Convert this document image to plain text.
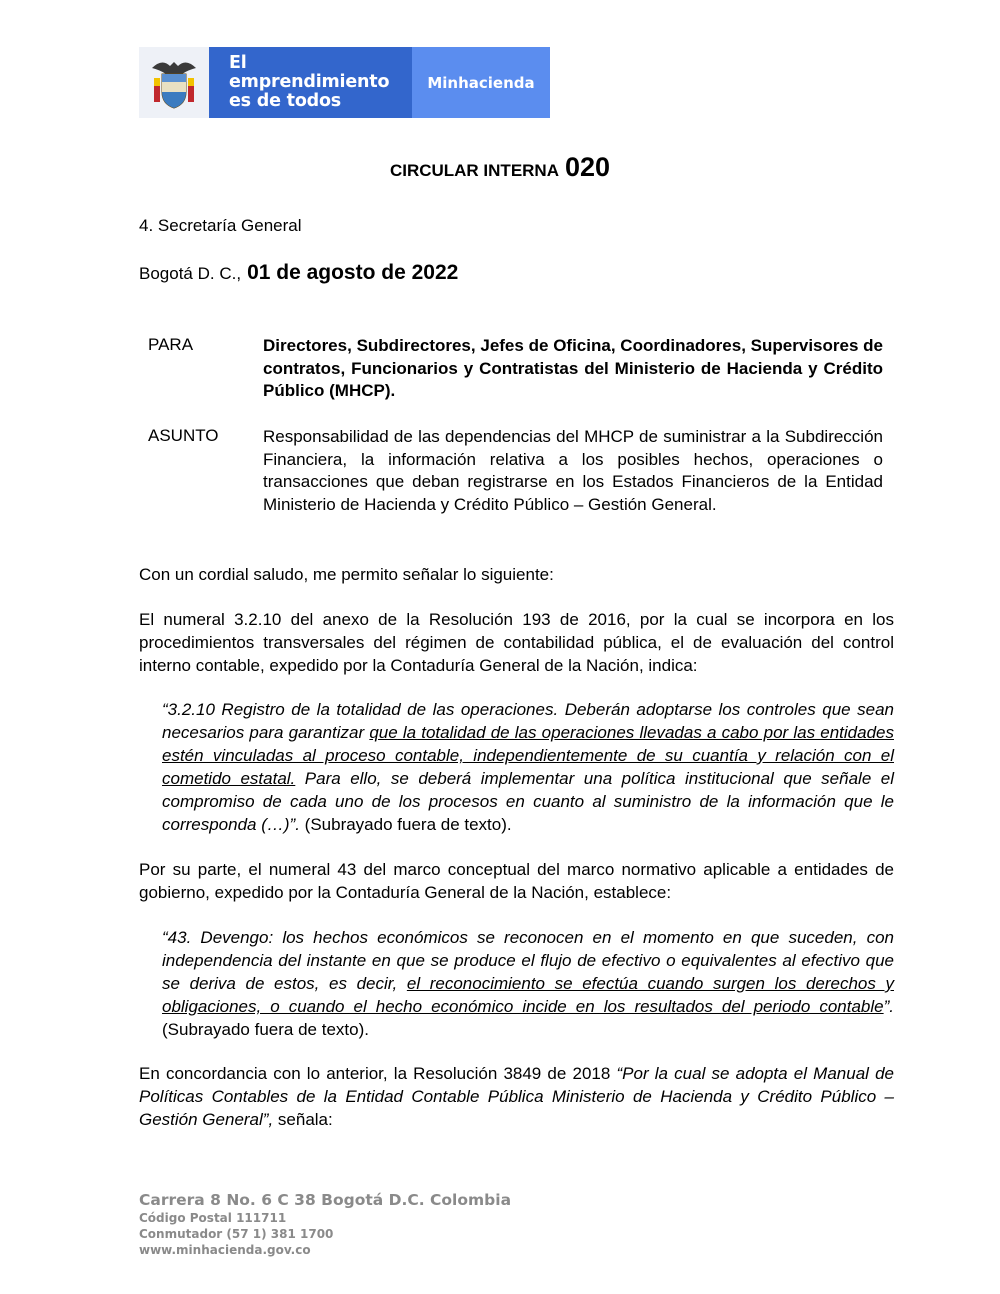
El emprendimiento
es de todos
Minhacienda
CIRCULAR INTERNA 020
4. Secretaría General
Bogotá D. C., 01 de agosto de 2022
PARA	Directores, Subdirectores, Jefes de Oficina, Coordinadores, Supervisores de contratos, Funcionarios y Contratistas del Ministerio de Hacienda y Crédito Público (MHCP).
ASUNTO	Responsabilidad de las dependencias del MHCP de suministrar a la Subdirección Financiera, la información relativa a los posibles hechos, operaciones o transacciones que deban registrarse en los Estados Financieros de la Entidad Ministerio de Hacienda y Crédito Público – Gestión General.
Con un cordial saludo, me permito señalar lo siguiente:
El numeral 3.2.10 del anexo de la Resolución 193 de 2016, por la cual se incorpora en los procedimientos transversales del régimen de contabilidad pública, el de evaluación del control interno contable, expedido por la Contaduría General de la Nación, indica:
“3.2.10 Registro de la totalidad de las operaciones. Deberán adoptarse los controles que sean necesarios para garantizar que la totalidad de las operaciones llevadas a cabo por las entidades estén vinculadas al proceso contable, independientemente de su cuantía y relación con el cometido estatal. Para ello, se deberá implementar una política institucional que señale el compromiso de cada uno de los procesos en cuanto al suministro de la información que le corresponda (…)”. (Subrayado fuera de texto).
Por su parte, el numeral 43 del marco conceptual del marco normativo aplicable a entidades de gobierno, expedido por la Contaduría General de la Nación, establece:
“43. Devengo: los hechos económicos se reconocen en el momento en que suceden, con independencia del instante en que se produce el flujo de efectivo o equivalentes al efectivo que se deriva de estos, es decir, el reconocimiento se efectúa cuando surgen los derechos y obligaciones, o cuando el hecho económico incide en los resultados del periodo contable”. (Subrayado fuera de texto).
En concordancia con lo anterior, la Resolución 3849 de 2018 “Por la cual se adopta el Manual de Políticas Contables de la Entidad Contable Pública Ministerio de Hacienda y Crédito Público – Gestión General”, señala:
Carrera 8 No. 6 C 38 Bogotá D.C. Colombia
Código Postal 111711
Conmutador (57 1) 381 1700
www.minhacienda.gov.co
